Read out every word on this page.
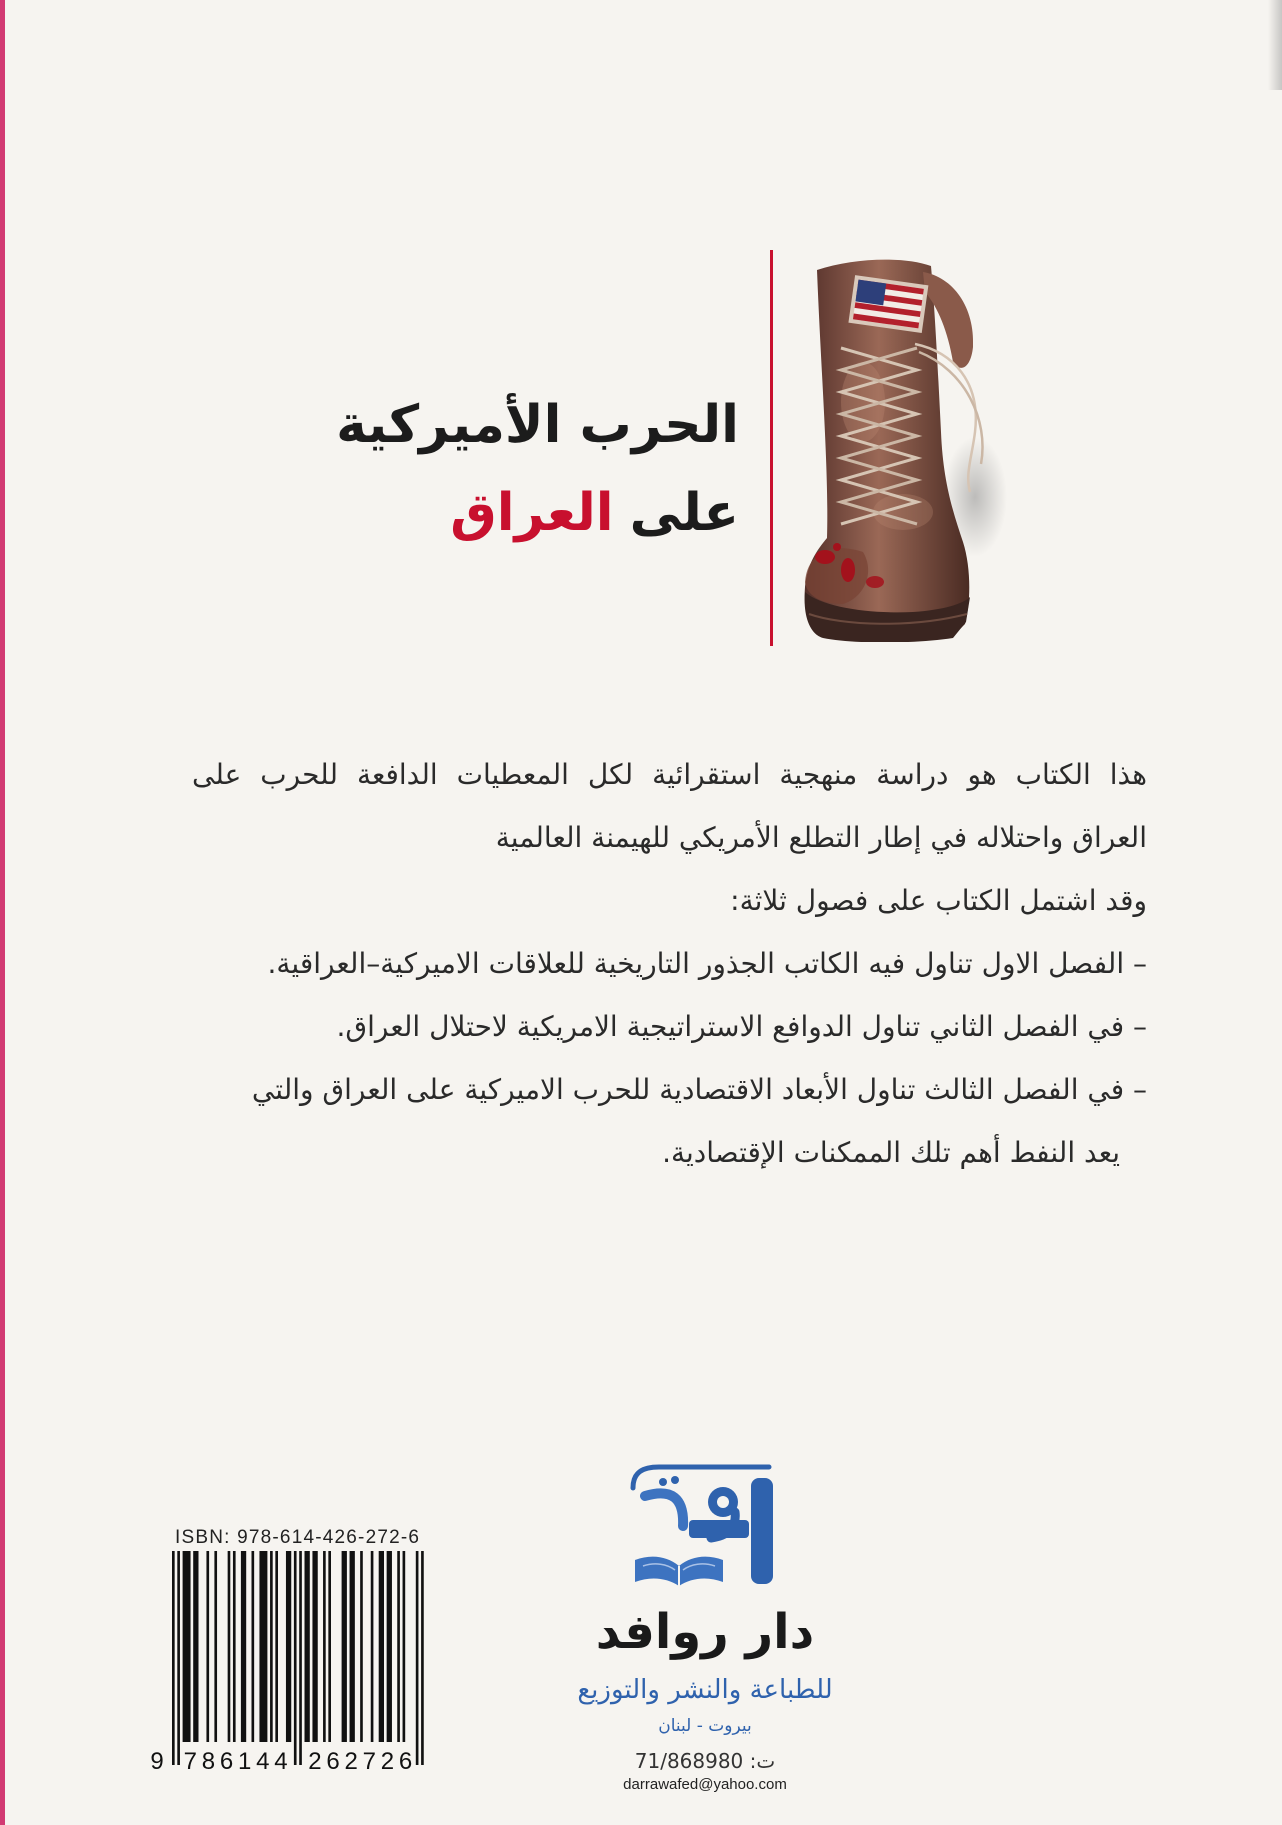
الحرب الأميركية
علىالعراق
هذا الكتاب هو دراسة منهجية استقرائية لكل المعطيات الدافعة للحرب على
العراق واحتلاله في إطار التطلع الأمريكي للهيمنة العالمية
وقد اشتمل الكتاب على فصول ثلاثة:
– الفصل الاول تناول فيه الكاتب الجذور التاريخية للعلاقات الاميركية–العراقية.
– في الفصل الثاني تناول الدوافع الاستراتيجية الامريكية لاحتلال العراق.
– في الفصل الثالث تناول الأبعاد الاقتصادية للحرب الاميركية على العراق والتي
يعد النفط أهم تلك الممكنات الإقتصادية.
دار روافد
للطباعة والنشر والتوزيع
بيروت - لبنان
ت: 71/868980
darrawafed@yahoo.com
ISBN: 978-614-426-272-6
9 786144 262726
